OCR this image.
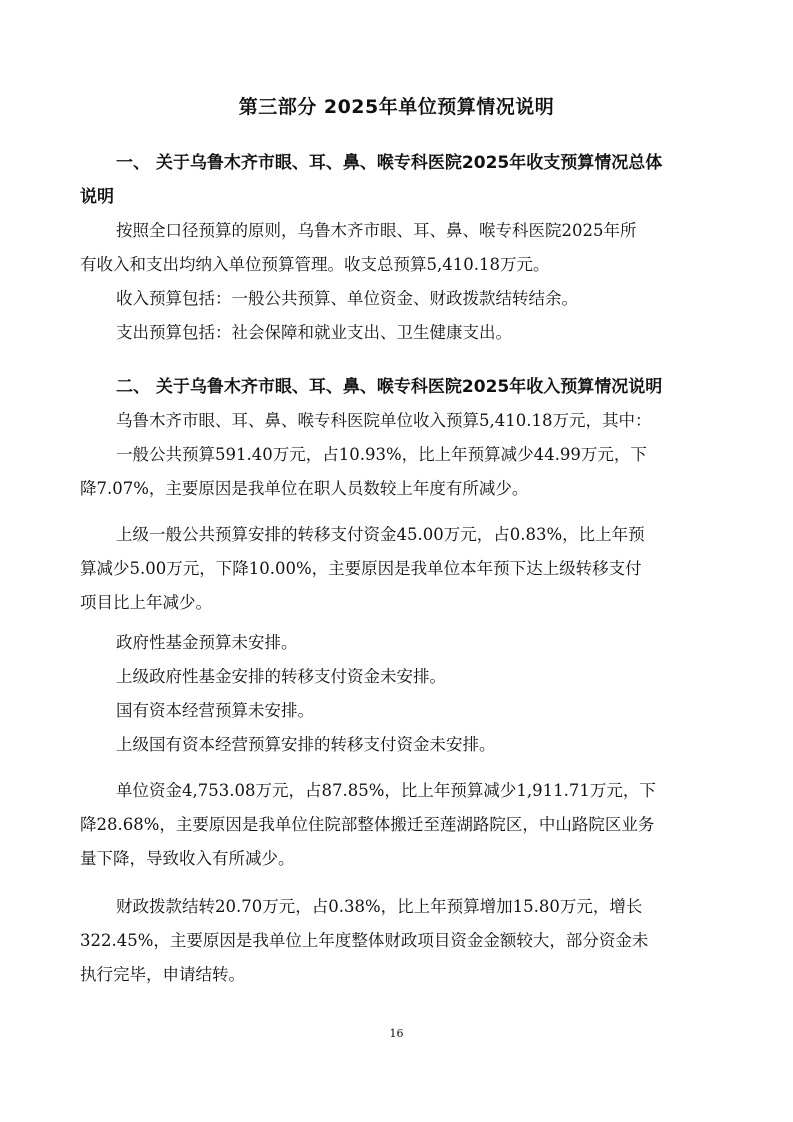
第三部分 2025年单位预算情况说明
一、 关于乌鲁木齐市眼、耳、鼻、喉专科医院2025年收支预算情况总体
说明
按照全口径预算的原则，乌鲁木齐市眼、耳、鼻、喉专科医院2025年所
有收入和支出均纳入单位预算管理。收支总预算5,410.18万元。
收入预算包括：一般公共预算、单位资金、财政拨款结转结余。
支出预算包括：社会保障和就业支出、卫生健康支出。
二、 关于乌鲁木齐市眼、耳、鼻、喉专科医院2025年收入预算情况说明
乌鲁木齐市眼、耳、鼻、喉专科医院单位收入预算5,410.18万元，其中：
一般公共预算591.40万元，占10.93%，比上年预算减少44.99万元，下
降7.07%，主要原因是我单位在职人员数较上年度有所减少。
上级一般公共预算安排的转移支付资金45.00万元，占0.83%，比上年预
算减少5.00万元，下降10.00%，主要原因是我单位本年预下达上级转移支付
项目比上年减少。
政府性基金预算未安排。
上级政府性基金安排的转移支付资金未安排。
国有资本经营预算未安排。
上级国有资本经营预算安排的转移支付资金未安排。
单位资金4,753.08万元，占87.85%，比上年预算减少1,911.71万元，下
降28.68%，主要原因是我单位住院部整体搬迁至莲湖路院区，中山路院区业务
量下降，导致收入有所减少。
财政拨款结转20.70万元，占0.38%，比上年预算增加15.80万元，增长
322.45%，主要原因是我单位上年度整体财政项目资金金额较大，部分资金未
执行完毕，申请结转。
16
